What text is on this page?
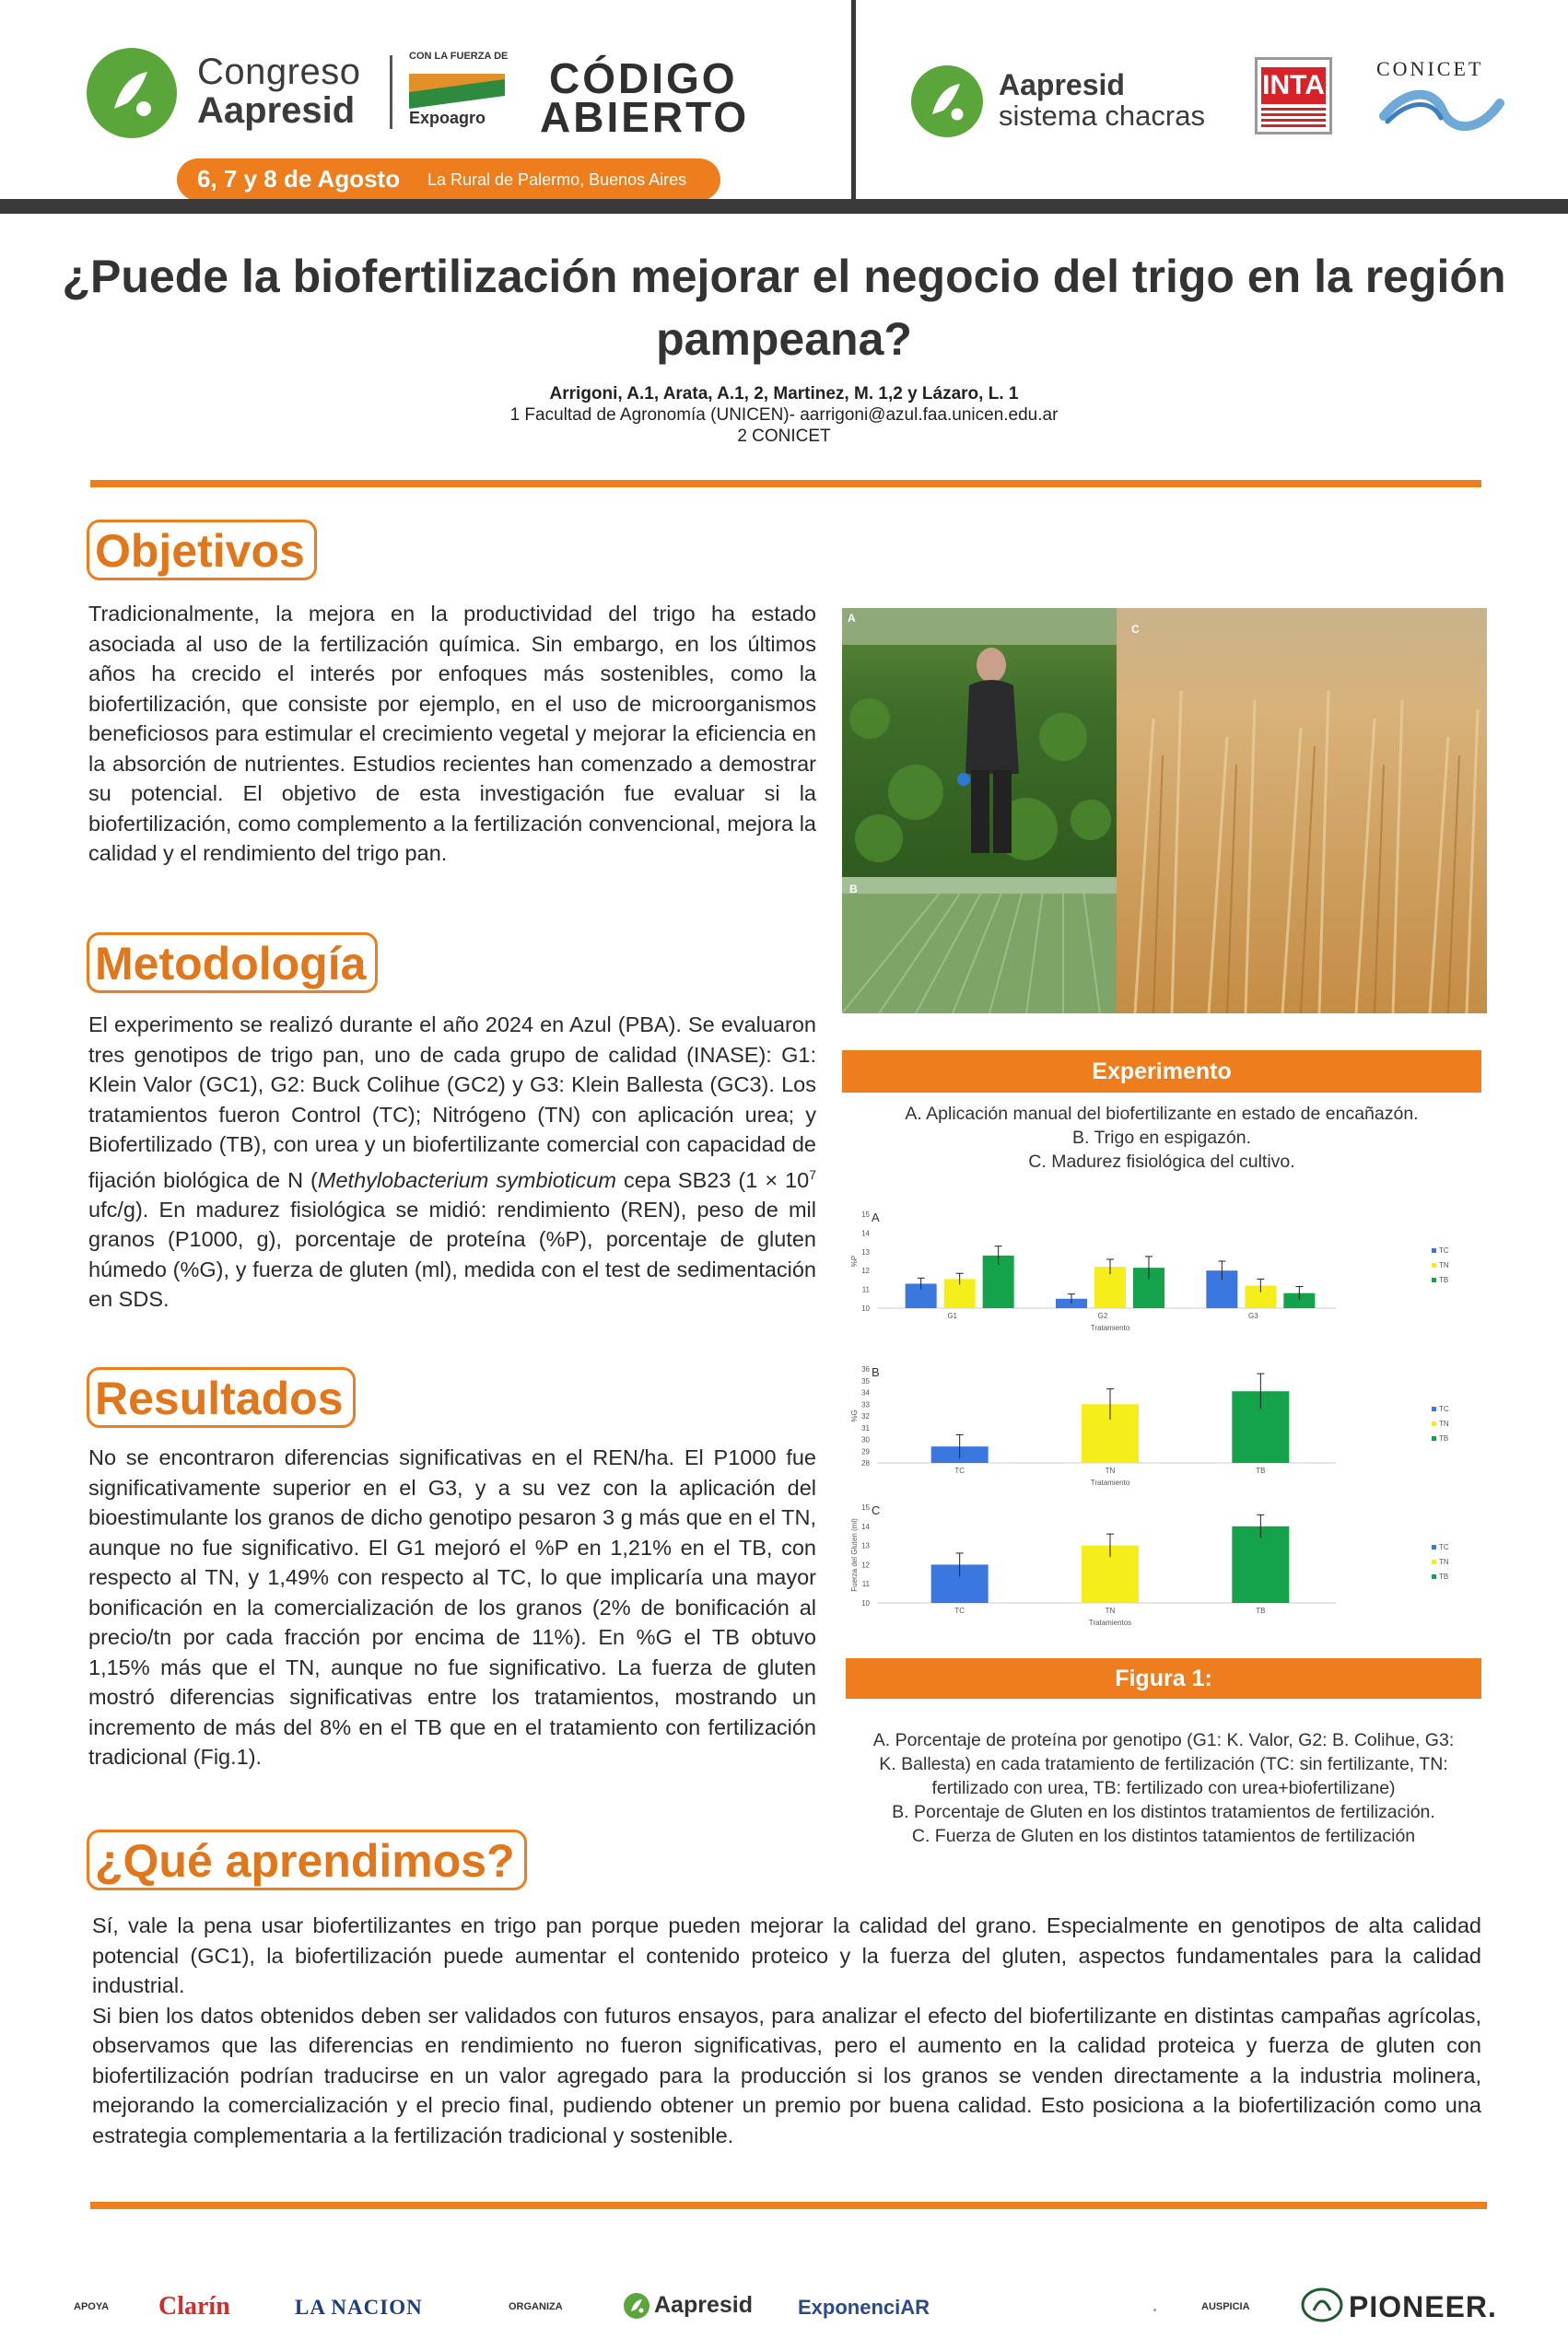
Congreso
Aapresid
CON LA FUERZA DE
Expoagro
CÓDIGO
ABIERTO
6, 7 y 8 de Agosto La Rural de Palermo, Buenos Aires
Aapresid
sistema chacras
INTA
CONICET
¿Puede la biofertilización mejorar el negocio del trigo en la región pampeana?
Arrigoni, A.1, Arata, A.1, 2, Martinez, M. 1,2 y Lázaro, L. 1
1 Facultad de Agronomía (UNICEN)- aarrigoni@azul.faa.unicen.edu.ar
2 CONICET
Objetivos
Tradicionalmente, la mejora en la productividad del trigo ha estado asociada al uso de la fertilización química. Sin embargo, en los últimos años ha crecido el interés por enfoques más sostenibles, como la biofertilización, que consiste por ejemplo, en el uso de microorganismos beneficiosos para estimular el crecimiento vegetal y mejorar la eficiencia en la absorción de nutrientes. Estudios recientes han comenzado a demostrar su potencial. El objetivo de esta investigación fue evaluar si la biofertilización, como complemento a la fertilización convencional, mejora la calidad y el rendimiento del trigo pan.
Metodología
El experimento se realizó durante el año 2024 en Azul (PBA). Se evaluaron tres genotipos de trigo pan, uno de cada grupo de calidad (INASE): G1: Klein Valor (GC1), G2: Buck Colihue (GC2) y G3: Klein Ballesta (GC3). Los tratamientos fueron Control (TC); Nitrógeno (TN) con aplicación urea; y Biofertilizado (TB), con urea y un biofertilizante comercial con capacidad de fijación biológica de N (Methylobacterium symbioticum cepa SB23 ($1 \times 10^7$ ufc/g). En madurez fisiológica se midió: rendimiento (REN), peso de mil granos (P1000, g), porcentaje de proteína (%P), porcentaje de gluten húmedo (%G), y fuerza de gluten (ml), medida con el test de sedimentación en SDS.
Resultados
No se encontraron diferencias significativas en el REN/ha. El P1000 fue significativamente superior en el G3, y a su vez con la aplicación del bioestimulante los granos de dicho genotipo pesaron 3 g más que en el TN, aunque no fue significativo. El G1 mejoró el %P en 1,21% en el TB, con respecto al TN, y 1,49% con respecto al TC, lo que implicaría una mayor bonificación en la comercialización de los granos (2% de bonificación al precio/tn por cada fracción por encima de 11%). En %G el TB obtuvo 1,15% más que el TN, aunque no fue significativo. La fuerza de gluten mostró diferencias significativas entre los tratamientos, mostrando un incremento de más del 8% en el TB que en el tratamiento con fertilización tradicional (Fig.1).
¿Qué aprendimos?

Sí, vale la pena usar biofertilizantes en trigo pan porque pueden mejorar la calidad del grano. Especialmente en genotipos de alta calidad potencial (GC1), la biofertilización puede aumentar el contenido proteico y la fuerza del gluten, aspectos fundamentales para la calidad industrial.

Si bien los datos obtenidos deben ser validados con futuros ensayos, para analizar el efecto del biofertilizante en distintas campañas agrícolas, observamos que las diferencias en rendimiento no fueron significativas, pero el aumento en la calidad proteica y fuerza de gluten con biofertilización podrían traducirse en un valor agregado para la producción si los granos se venden directamente a la industria molinera, mejorando la comercialización y el precio final, pudiendo obtener un premio por buena calidad. Esto posiciona a la biofertilización como una estrategia complementaria a la fertilización tradicional y sostenible.

A
B
C
Experimento
A. Aplicación manual del biofertilizante en estado de encañazón.
B. Trigo en espigazón.
C. Madurez fisiológica del cultivo.
A
10
11
12
13
14
15
%P
G1	G2	G3
TC
TN
TB
Tratamiento
B
28
29
30
31
32
33
34
35
36
%G
TC	TN	TB
TC
TN
TB
Tratamiento
C
10
11
12
13
14
15
Fuerza del Gluten (ml)
TC	TN	TB
TC
TN
TB
Tratamientos
Figura 1:
A. Porcentaje de proteína por genotipo (G1: K. Valor, G2: B. Colihue, G3: K. Ballesta) en cada tratamiento de fertilización (TC: sin fertilizante, TN: fertilizado con urea, TB: fertilizado con urea+biofertilizane)
B. Porcentaje de Gluten en los distintos tratamientos de fertilización.
C. Fuerza de Gluten en los distintos tatamientos de fertilización
APOYA Clarín	LA NACION	ORGANIZA	Aapresid ExponenciAR	AUSPICIA	PIONEER.
